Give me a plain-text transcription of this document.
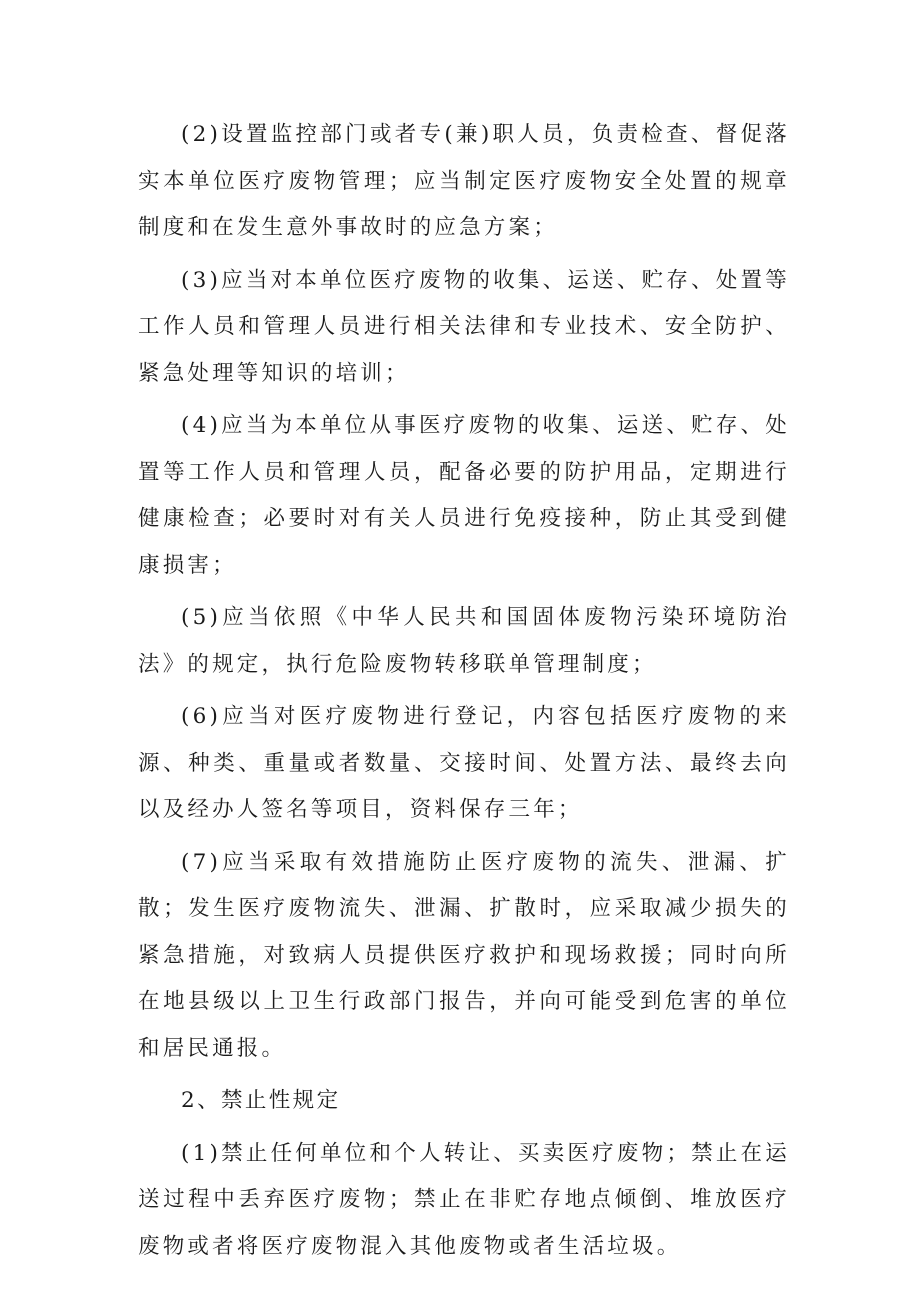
(2)设置监控部门或者专(兼)职人员，负责检查、督促落实本单位医疗废物管理；应当制定医疗废物安全处置的规章制度和在发生意外事故时的应急方案；

(3)应当对本单位医疗废物的收集、运送、贮存、处置等工作人员和管理人员进行相关法律和专业技术、安全防护、紧急处理等知识的培训；

(4)应当为本单位从事医疗废物的收集、运送、贮存、处置等工作人员和管理人员，配备必要的防护用品，定期进行健康检查；必要时对有关人员进行免疫接种，防止其受到健康损害；

(5)应当依照《中华人民共和国固体废物污染环境防治法》的规定，执行危险废物转移联单管理制度；

(6)应当对医疗废物进行登记，内容包括医疗废物的来源、种类、重量或者数量、交接时间、处置方法、最终去向以及经办人签名等项目，资料保存三年；

(7)应当采取有效措施防止医疗废物的流失、泄漏、扩散；发生医疗废物流失、泄漏、扩散时，应采取减少损失的紧急措施，对致病人员提供医疗救护和现场救援；同时向所在地县级以上卫生行政部门报告，并向可能受到危害的单位和居民通报。

2、禁止性规定

(1)禁止任何单位和个人转让、买卖医疗废物；禁止在运送过程中丢弃医疗废物；禁止在非贮存地点倾倒、堆放医疗废物或者将医疗废物混入其他废物或者生活垃圾。
